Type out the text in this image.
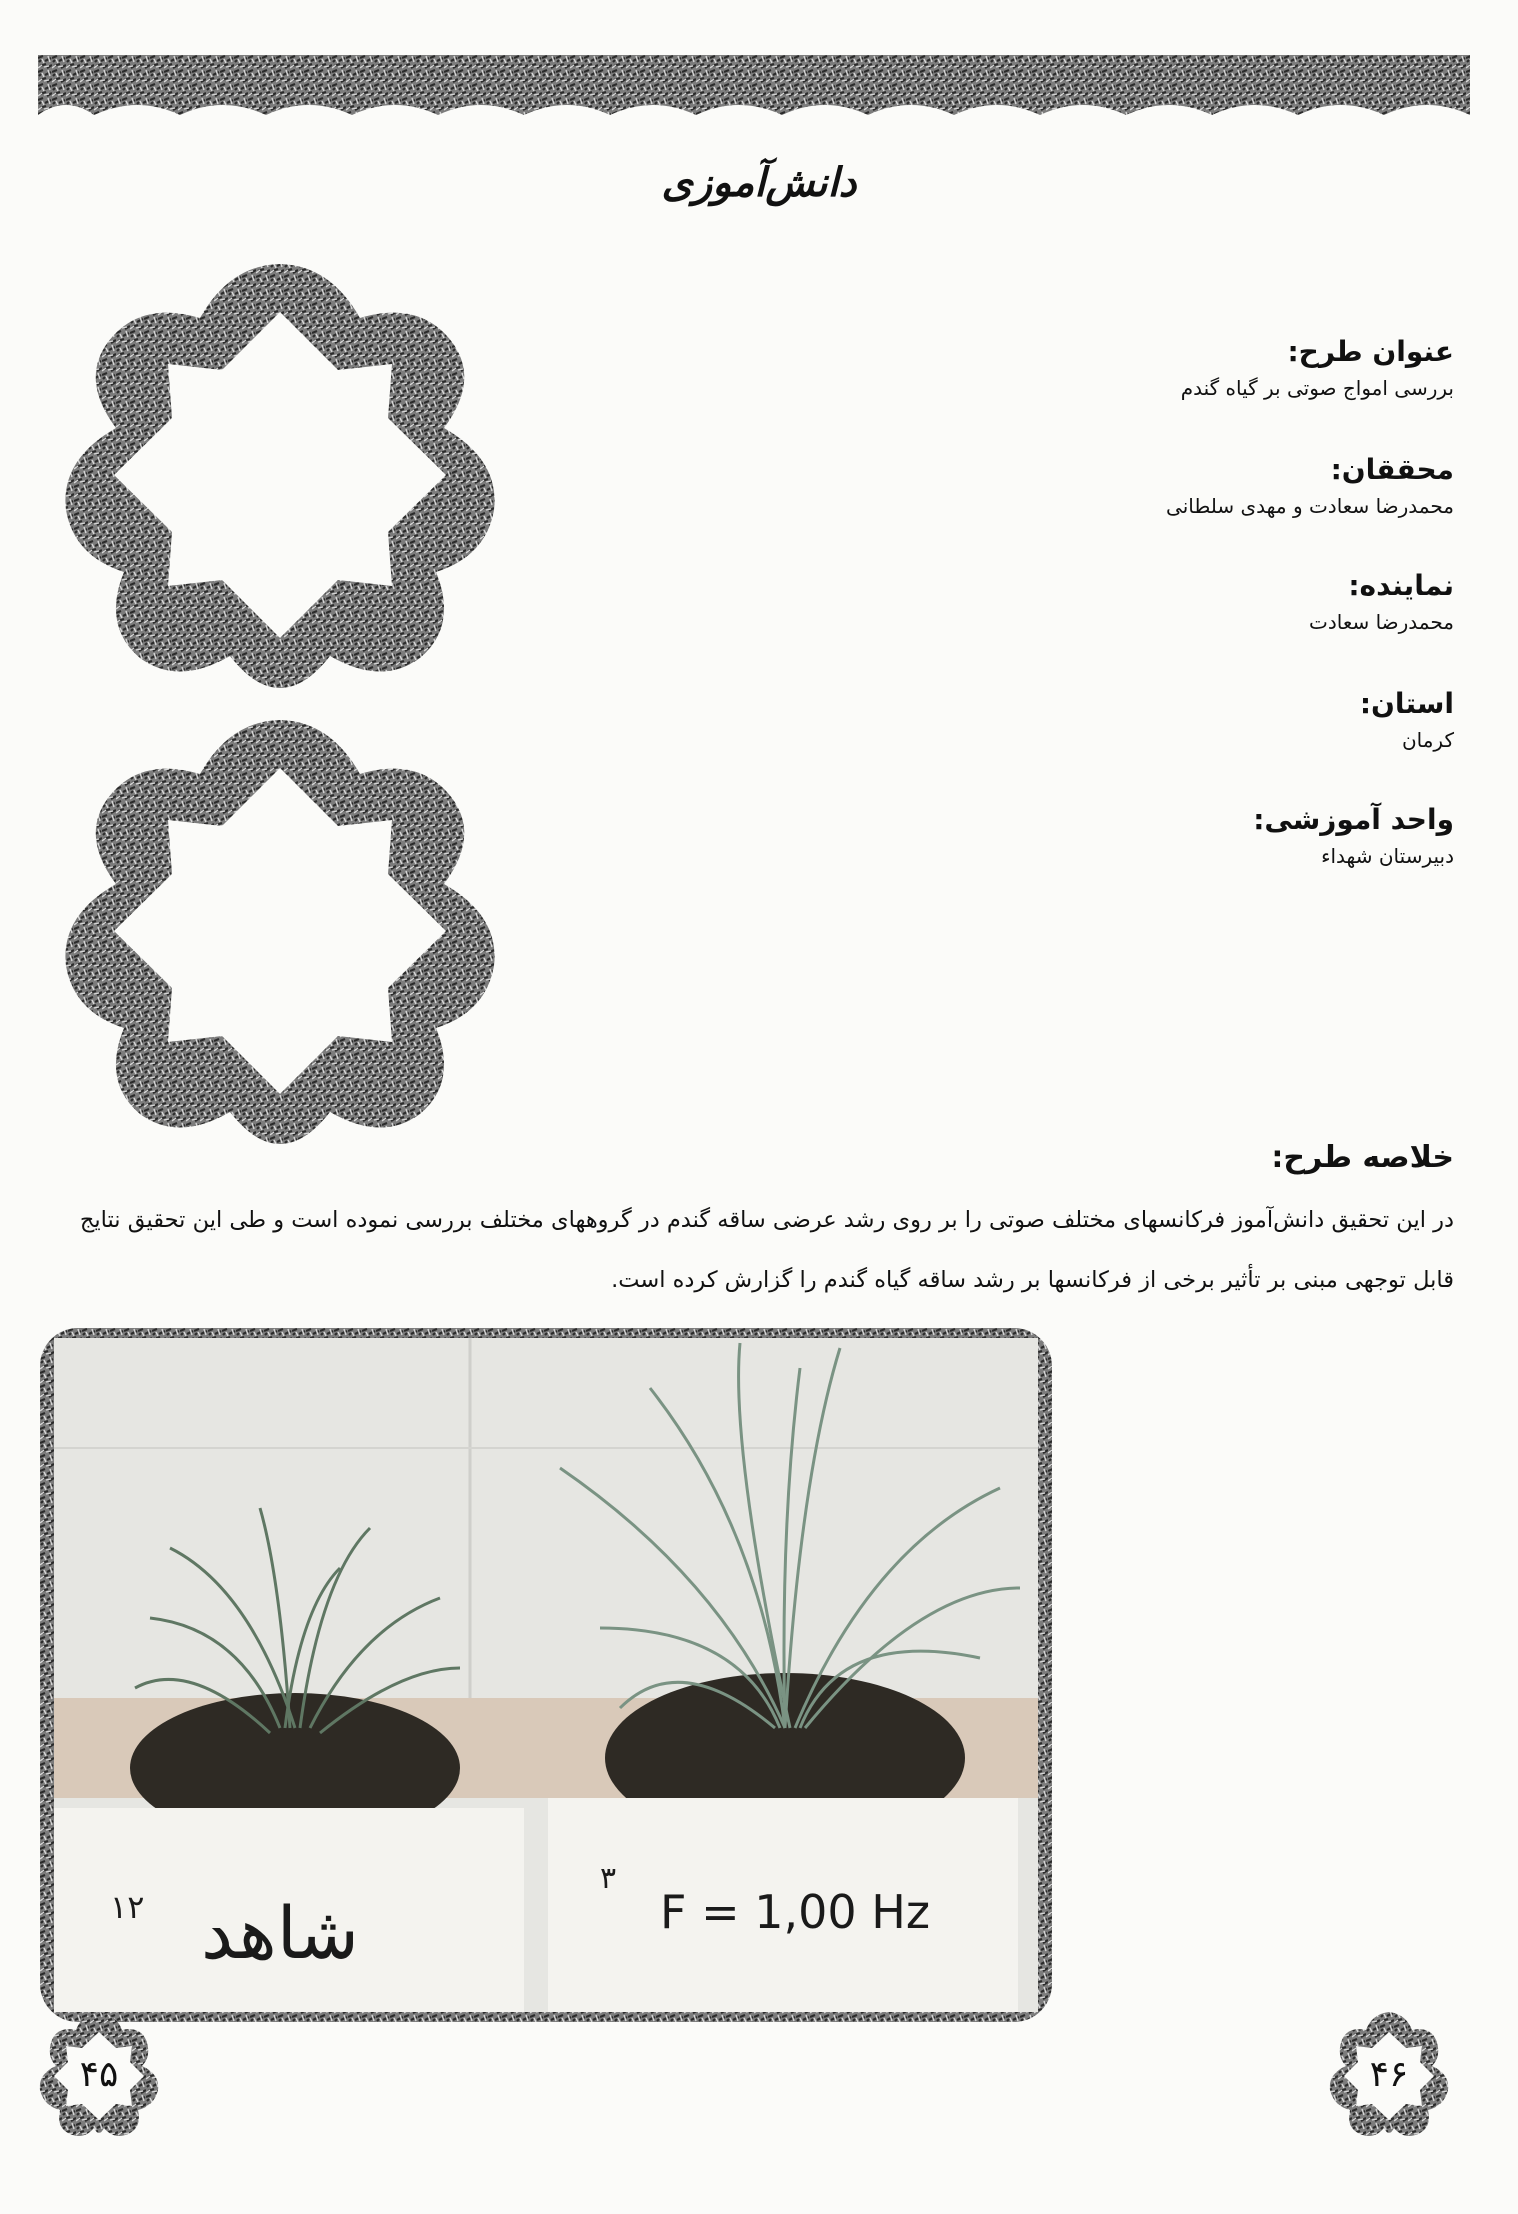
دانش‌آموزی
عنوان طرح:
بررسی امواج صوتی بر گیاه گندم
محققان:
محمدرضا سعادت و مهدی سلطانی
نماینده:
محمدرضا سعادت
استان:
کرمان
واحد آموزشی:
دبیرستان شهداء
خلاصه طرح:
در این تحقیق دانش‌آموز فرکانسهای مختلف صوتی را بر روی رشد عرضی ساقه گندم در گروههای مختلف بررسی نموده است و طی این تحقیق نتایج قابل توجهی مبنی بر تأثیر برخی از فرکانسها بر رشد ساقه گیاه گندم را گزارش کرده است.
شاهد
۱۲	F = 1,00 Hz
۳
۴۵	۴۶
